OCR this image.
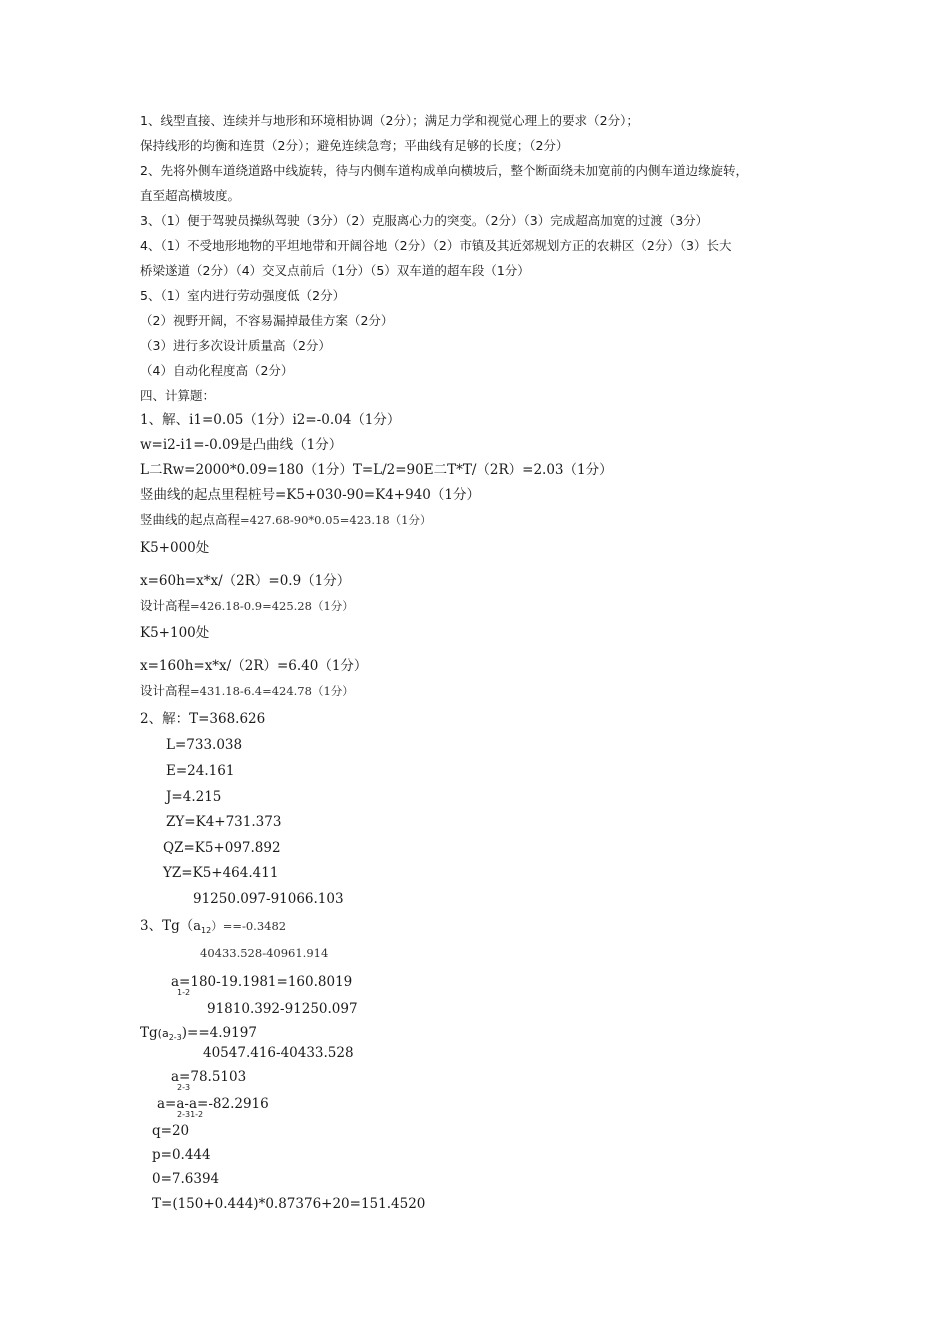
1、线型直接、连续并与地形和环境相协调（2分）；满足力学和视觉心理上的要求（2分）；
保持线形的均衡和连贯（2分）；避免连续急弯；平曲线有足够的长度；（2分）
2、先将外侧车道绕道路中线旋转，待与内侧车道构成单向横坡后，整个断面绕未加宽前的内侧车道边缘旋转，
直至超高横坡度。
3、（1）便于驾驶员操纵驾驶（3分）（2）克服离心力的突变。（2分）（3）完成超高加宽的过渡（3分）
4、（1）不受地形地物的平坦地带和开阔谷地（2分）（2）市镇及其近郊规划方正的农耕区（2分）（3）长大
桥梁遂道（2分）（4）交叉点前后（1分）（5）双车道的超车段（1分）
5、（1）室内进行劳动强度低（2分）
（2）视野开阔，不容易漏掉最佳方案（2分）
（3）进行多次设计质量高（2分）
（4）自动化程度高（2分）
四、计算题：
1、解、i1=0.05（1分）i2=-0.04（1分）
w=i2-i1=-0.09是凸曲线（1分）
L二Rw=2000*0.09=180（1分）T=L/2=90E二T*T/（2R）=2.03（1分）
竖曲线的起点里程桩号=K5+030-90=K4+940（1分）
竖曲线的起点高程=427.68-90*0.05=423.18（1分）
K5+000处
x=60h=x*x/（2R）=0.9（1分）
设计高程=426.18-0.9=425.28（1分）
K5+100处
x=160h=x*x/（2R）=6.40（1分）
设计高程=431.18-6.4=424.78（1分）
2、解：T=368.626
L=733.038
E=24.161
J=4.215
ZY=K4+731.373
QZ=K5+097.892
YZ=K5+464.411
91250.097-91066.103
3、$Tg(a_{12})==-0.3482$
40433.528-40961.914
a=180-19.1981=160.8019
1-2
91810.392-91250.097
$Tg(a_{2-3})==4.9197$
40547.416-40433.528
a=78.5103
2-3
a=a-a=-82.2916
2-31-2
q=20
p=0.444
0=7.6394
T=(150+0.444)*0.87376+20=151.4520
